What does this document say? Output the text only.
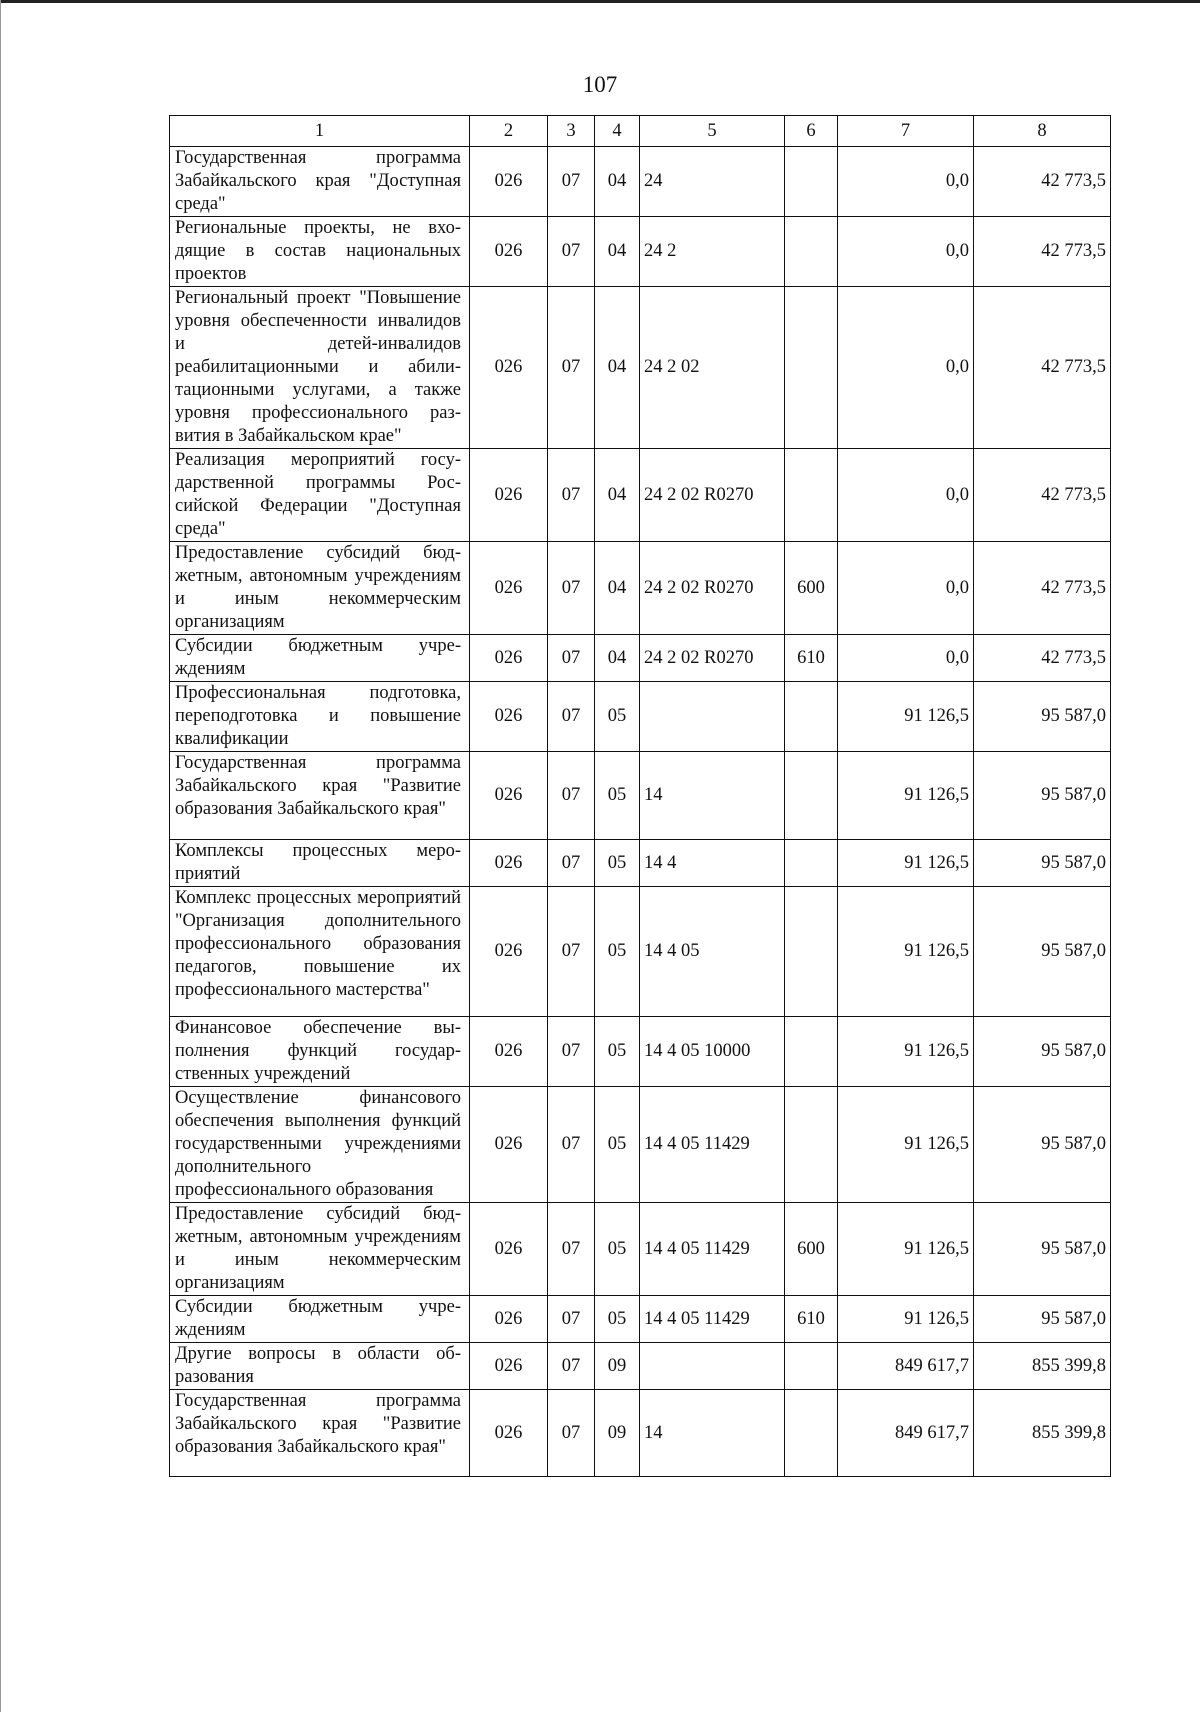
107
1	2	3	4	5	6	7	8
Государственная программа Забайкальского края "Доступная среда"	026	07	04	24		0,0	42 773,5
Региональные проекты, не входящие в состав национальных проектов	026	07	04	24 2		0,0	42 773,5
Региональный проект "Повышение уровня обеспеченности инвалидов и детей-инвалидов реабилитационными и абилитационными услугами, а также уровня профессионального развития в Забайкальском крае"	026	07	04	24 2 02		0,0	42 773,5
Реализация мероприятий государственной программы Российской Федерации "Доступная среда"	026	07	04	24 2 02 R0270		0,0	42 773,5
Предоставление субсидий бюджетным, автономным учреждениям и иным некоммерческим организациям	026	07	04	24 2 02 R0270	600	0,0	42 773,5
Субсидии бюджетным учреждениям	026	07	04	24 2 02 R0270	610	0,0	42 773,5
Профессиональная подготовка, переподготовка и повышение квалификации	026	07	05			91 126,5	95 587,0
Государственная программа Забайкальского края "Развитие образования Забайкальского края"	026	07	05	14		91 126,5	95 587,0
Комплексы процессных мероприятий	026	07	05	14 4		91 126,5	95 587,0
Комплекс процессных мероприятий "Организация дополнительного профессионального образования педагогов, повышение их профессионального мастерства"	026	07	05	14 4 05		91 126,5	95 587,0
Финансовое обеспечение выполнения функций государственных учреждений	026	07	05	14 4 05 10000		91 126,5	95 587,0
Осуществление финансового обеспечения выполнения функций государственными учреждениями дополнительного профессионального образования	026	07	05	14 4 05 11429		91 126,5	95 587,0
Предоставление субсидий бюджетным, автономным учреждениям и иным некоммерческим организациям	026	07	05	14 4 05 11429	600	91 126,5	95 587,0
Субсидии бюджетным учреждениям	026	07	05	14 4 05 11429	610	91 126,5	95 587,0
Другие вопросы в области образования	026	07	09			849 617,7	855 399,8
Государственная программа Забайкальского края "Развитие образования Забайкальского края"	026	07	09	14		849 617,7	855 399,8
